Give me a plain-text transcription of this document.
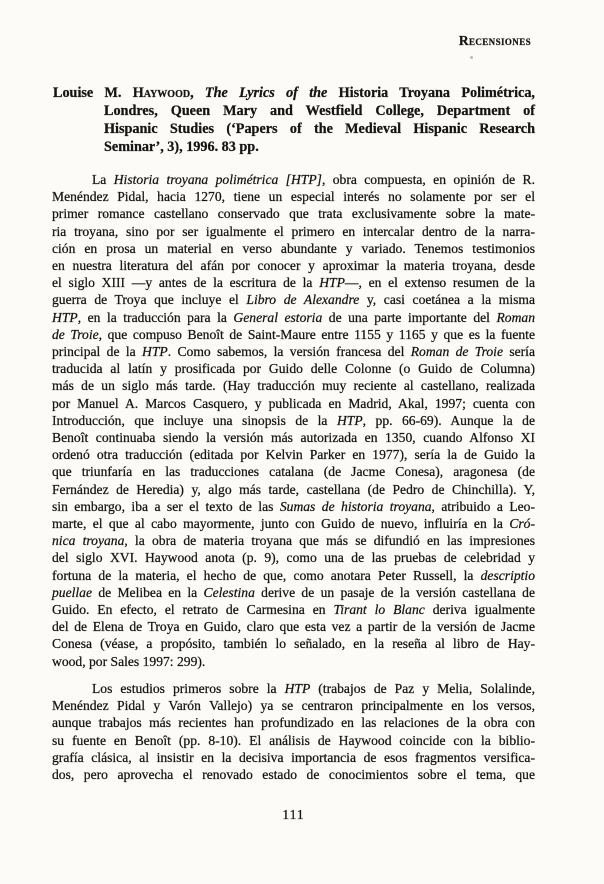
Recensiones
Louise M. Haywood, The Lyrics of the Historia Troyana Polimétrica,
Londres, Queen Mary and Westfield College, Department of
Hispanic Studies (‘Papers of the Medieval Hispanic Research
Seminar’, 3), 1996. 83 pp.
La Historia troyana polimétrica [HTP], obra compuesta, en opinión de R.
Menéndez Pidal, hacia 1270, tiene un especial interés no solamente por ser el
primer romance castellano conservado que trata exclusivamente sobre la mate-
ria troyana, sino por ser igualmente el primero en intercalar dentro de la narra-
ción en prosa un material en verso abundante y variado. Tenemos testimonios
en nuestra literatura del afán por conocer y aproximar la materia troyana, desde
el siglo XIII —y antes de la escritura de la HTP—, en el extenso resumen de la
guerra de Troya que incluye el Libro de Alexandre y, casi coetánea a la misma
HTP, en la traducción para la General estoria de una parte importante del Roman
de Troie, que compuso Benoît de Saint-Maure entre 1155 y 1165 y que es la fuente
principal de la HTP. Como sabemos, la versión francesa del Roman de Troie sería
traducida al latín y prosificada por Guido delle Colonne (o Guido de Columna)
más de un siglo más tarde. (Hay traducción muy reciente al castellano, realizada
por Manuel A. Marcos Casquero, y publicada en Madrid, Akal, 1997; cuenta con
Introducción, que incluye una sinopsis de la HTP, pp. 66-69). Aunque la de
Benoît continuaba siendo la versión más autorizada en 1350, cuando Alfonso XI
ordenó otra traducción (editada por Kelvin Parker en 1977), sería la de Guido la
que triunfaría en las traducciones catalana (de Jacme Conesa), aragonesa (de
Fernández de Heredia) y, algo más tarde, castellana (de Pedro de Chinchilla). Y,
sin embargo, iba a ser el texto de las Sumas de historia troyana, atribuido a Leo-
marte, el que al cabo mayormente, junto con Guido de nuevo, influiría en la Cró-
nica troyana, la obra de materia troyana que más se difundió en las impresiones
del siglo XVI. Haywood anota (p. 9), como una de las pruebas de celebridad y
fortuna de la materia, el hecho de que, como anotara Peter Russell, la descriptio
puellae de Melibea en la Celestina derive de un pasaje de la versión castellana de
Guido. En efecto, el retrato de Carmesina en Tirant lo Blanc deriva igualmente
del de Elena de Troya en Guido, claro que esta vez a partir de la versión de Jacme
Conesa (véase, a propósito, también lo señalado, en la reseña al libro de Hay-
wood, por Sales 1997: 299).
Los estudios primeros sobre la HTP (trabajos de Paz y Melia, Solalinde,
Menéndez Pidal y Varón Vallejo) ya se centraron principalmente en los versos,
aunque trabajos más recientes han profundizado en las relaciones de la obra con
su fuente en Benoît (pp. 8-10). El análisis de Haywood coincide con la biblio-
grafía clásica, al insistir en la decisiva importancia de esos fragmentos versifica-
dos, pero aprovecha el renovado estado de conocimientos sobre el tema, que
111
